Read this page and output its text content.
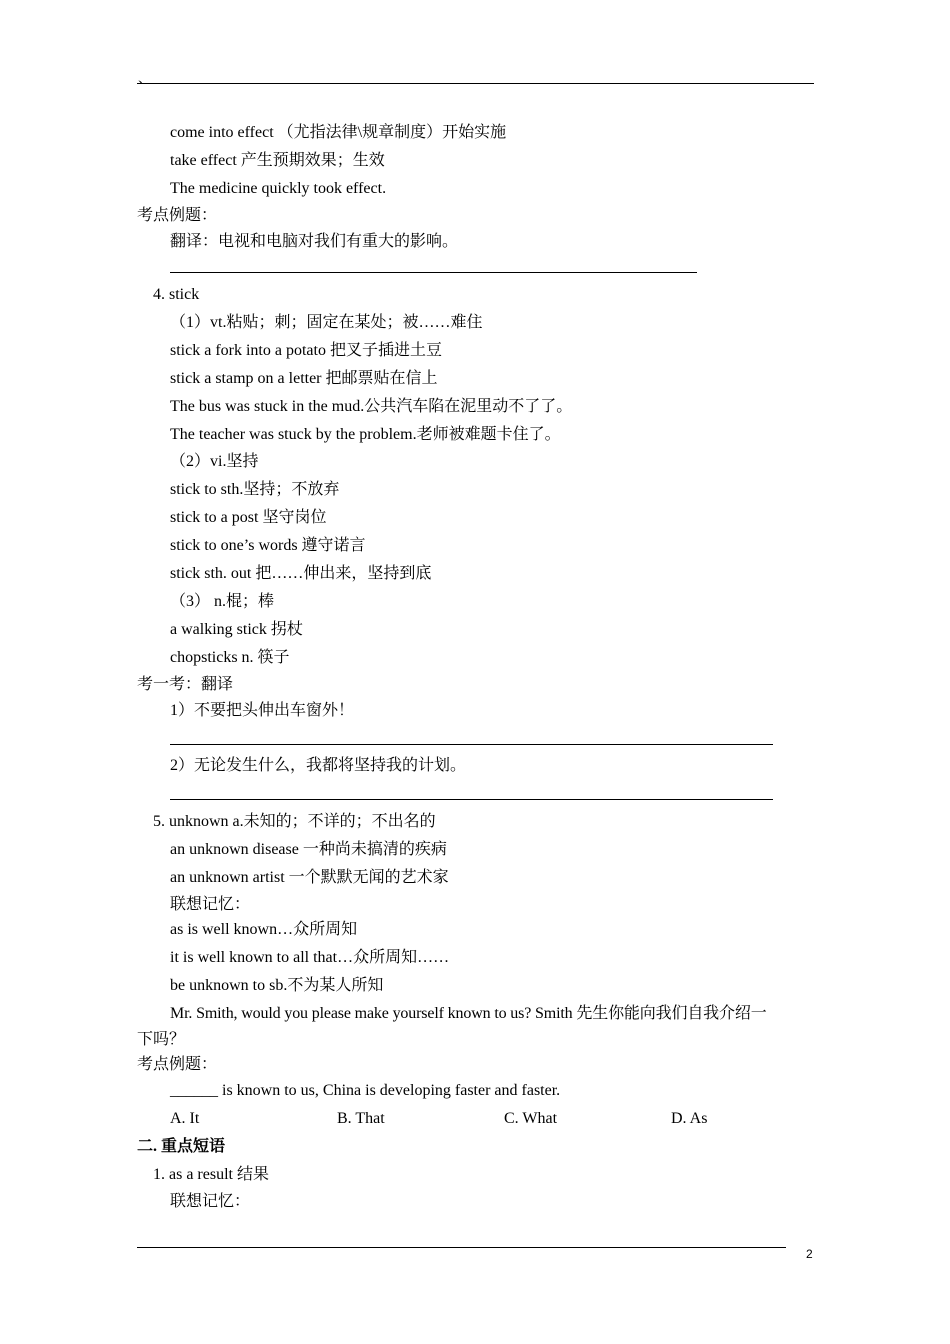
、
come into effect （尤指法律\规章制度）开始实施
take effect 产生预期效果；生效
The medicine quickly took effect.
考点例题：
翻译：电视和电脑对我们有重大的影响。
4. stick
（1）vt.粘贴；刺；固定在某处；被……难住
stick a fork into a potato 把叉子插进土豆
stick a stamp on a letter 把邮票贴在信上
The bus was stuck in the mud.公共汽车陷在泥里动不了了。
The teacher was stuck by the problem.老师被难题卡住了。
（2）vi.坚持
stick to sth.坚持；不放弃
stick to a post 坚守岗位
stick to one’s words 遵守诺言
stick sth. out 把……伸出来，坚持到底
（3） n.棍；棒
a walking stick 拐杖
chopsticks n. 筷子
考一考：翻译
1）不要把头伸出车窗外！
2）无论发生什么，我都将坚持我的计划。
5. unknown a.未知的；不详的；不出名的
an unknown disease 一种尚未搞清的疾病
an unknown artist 一个默默无闻的艺术家
联想记忆：
as is well known…众所周知
it is well known to all that…众所周知……
be unknown to sb.不为某人所知
Mr. Smith, would you please make yourself known to us? Smith 先生你能向我们自我介绍一
下吗？
考点例题：
______ is known to us, China is developing faster and faster.
A. It	B. That	C. What	D. As
二. 重点短语
1. as a result 结果
联想记忆：
2
